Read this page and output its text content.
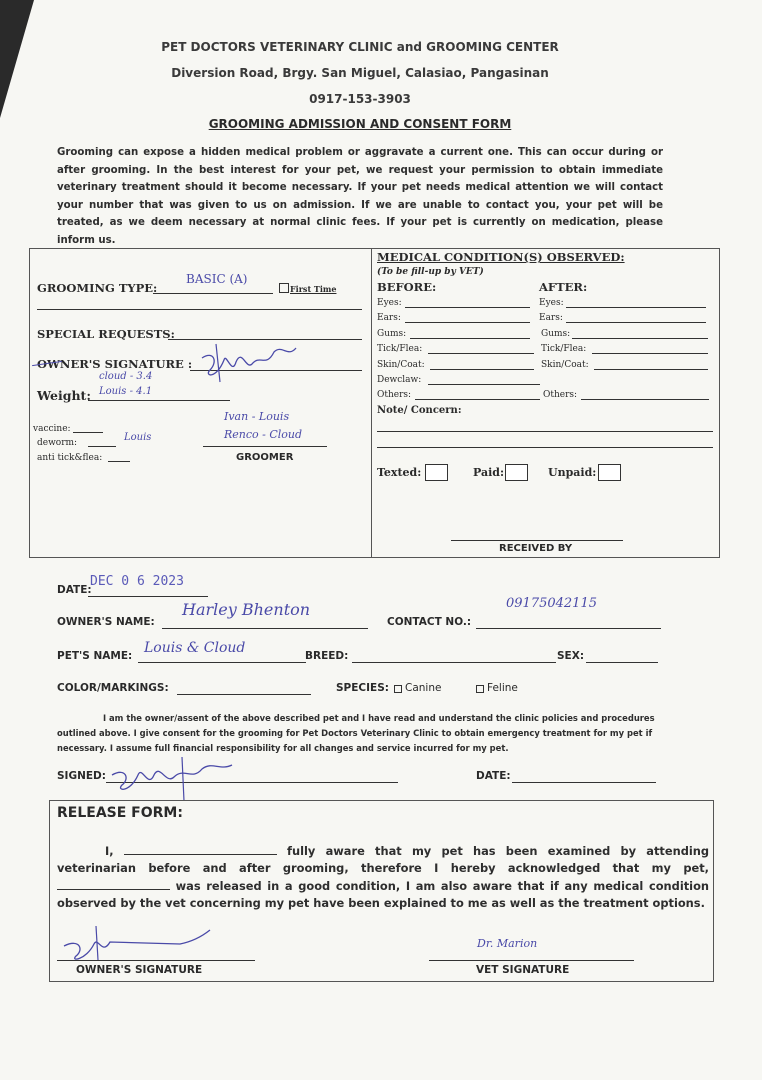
PET DOCTORS VETERINARY CLINIC and GROOMING CENTER
Diversion Road, Brgy. San Miguel, Calasiao, Pangasinan
0917-153-3903
GROOMING ADMISSION AND CONSENT FORM
Grooming can expose a hidden medical problem or aggravate a current one. This can occur during or after grooming. In the best interest for your pet, we request your permission to obtain immediate veterinary treatment should it become necessary. If your pet needs medical attention we will contact your number that was given to us on admission. If we are unable to contact you, your pet will be treated, as we deem necessary at normal clinic fees. If your pet is currently on medication, please inform us.
GROOMING TYPE:
BASIC (A)
First Time
SPECIAL REQUESTS:
OWNER'S SIGNATURE :
Weight:
cloud - 3.4
Louis - 4.1
vaccine:
deworm:	Louis
anti tick&flea:
Ivan - Louis
Renco - Cloud
GROOMER
MEDICAL CONDITION(S) OBSERVED:
(To be fill-up by VET)
BEFORE:	AFTER:
Eyes:	Eyes:
Ears:	Ears:
Gums:	Gums:
Tick/Flea:	Tick/Flea:
Skin/Coat:	Skin/Coat:
Dewclaw:
Others:	Others:
Note/ Concern:
Texted:	Paid:	Unpaid:
RECEIVED BY
DATE:
DEC 0 6 2023
OWNER'S NAME:
Harley Bhenton
CONTACT NO.:
09175042115
PET'S NAME: Louis & Cloud	BREED:	SEX:
COLOR/MARKINGS:	SPECIES: Canine	Feline
I am the owner/assent of the above described pet and I have read and understand the clinic policies and procedures outlined above. I give consent for the grooming for Pet Doctors Veterinary Clinic to obtain emergency treatment for my pet if necessary. I assume full financial responsibility for all changes and service incurred for my pet.
SIGNED:	DATE:
RELEASE FORM:
I,	fully aware that my pet has been examined by attending veterinarian before and after grooming, therefore I hereby acknowledged that my pet,  was released in a good condition, I am also aware that if any medical condition observed by the vet concerning my pet have been explained to me as well as the treatment options.
OWNER'S SIGNATURE
Dr. Marion
VET SIGNATURE
